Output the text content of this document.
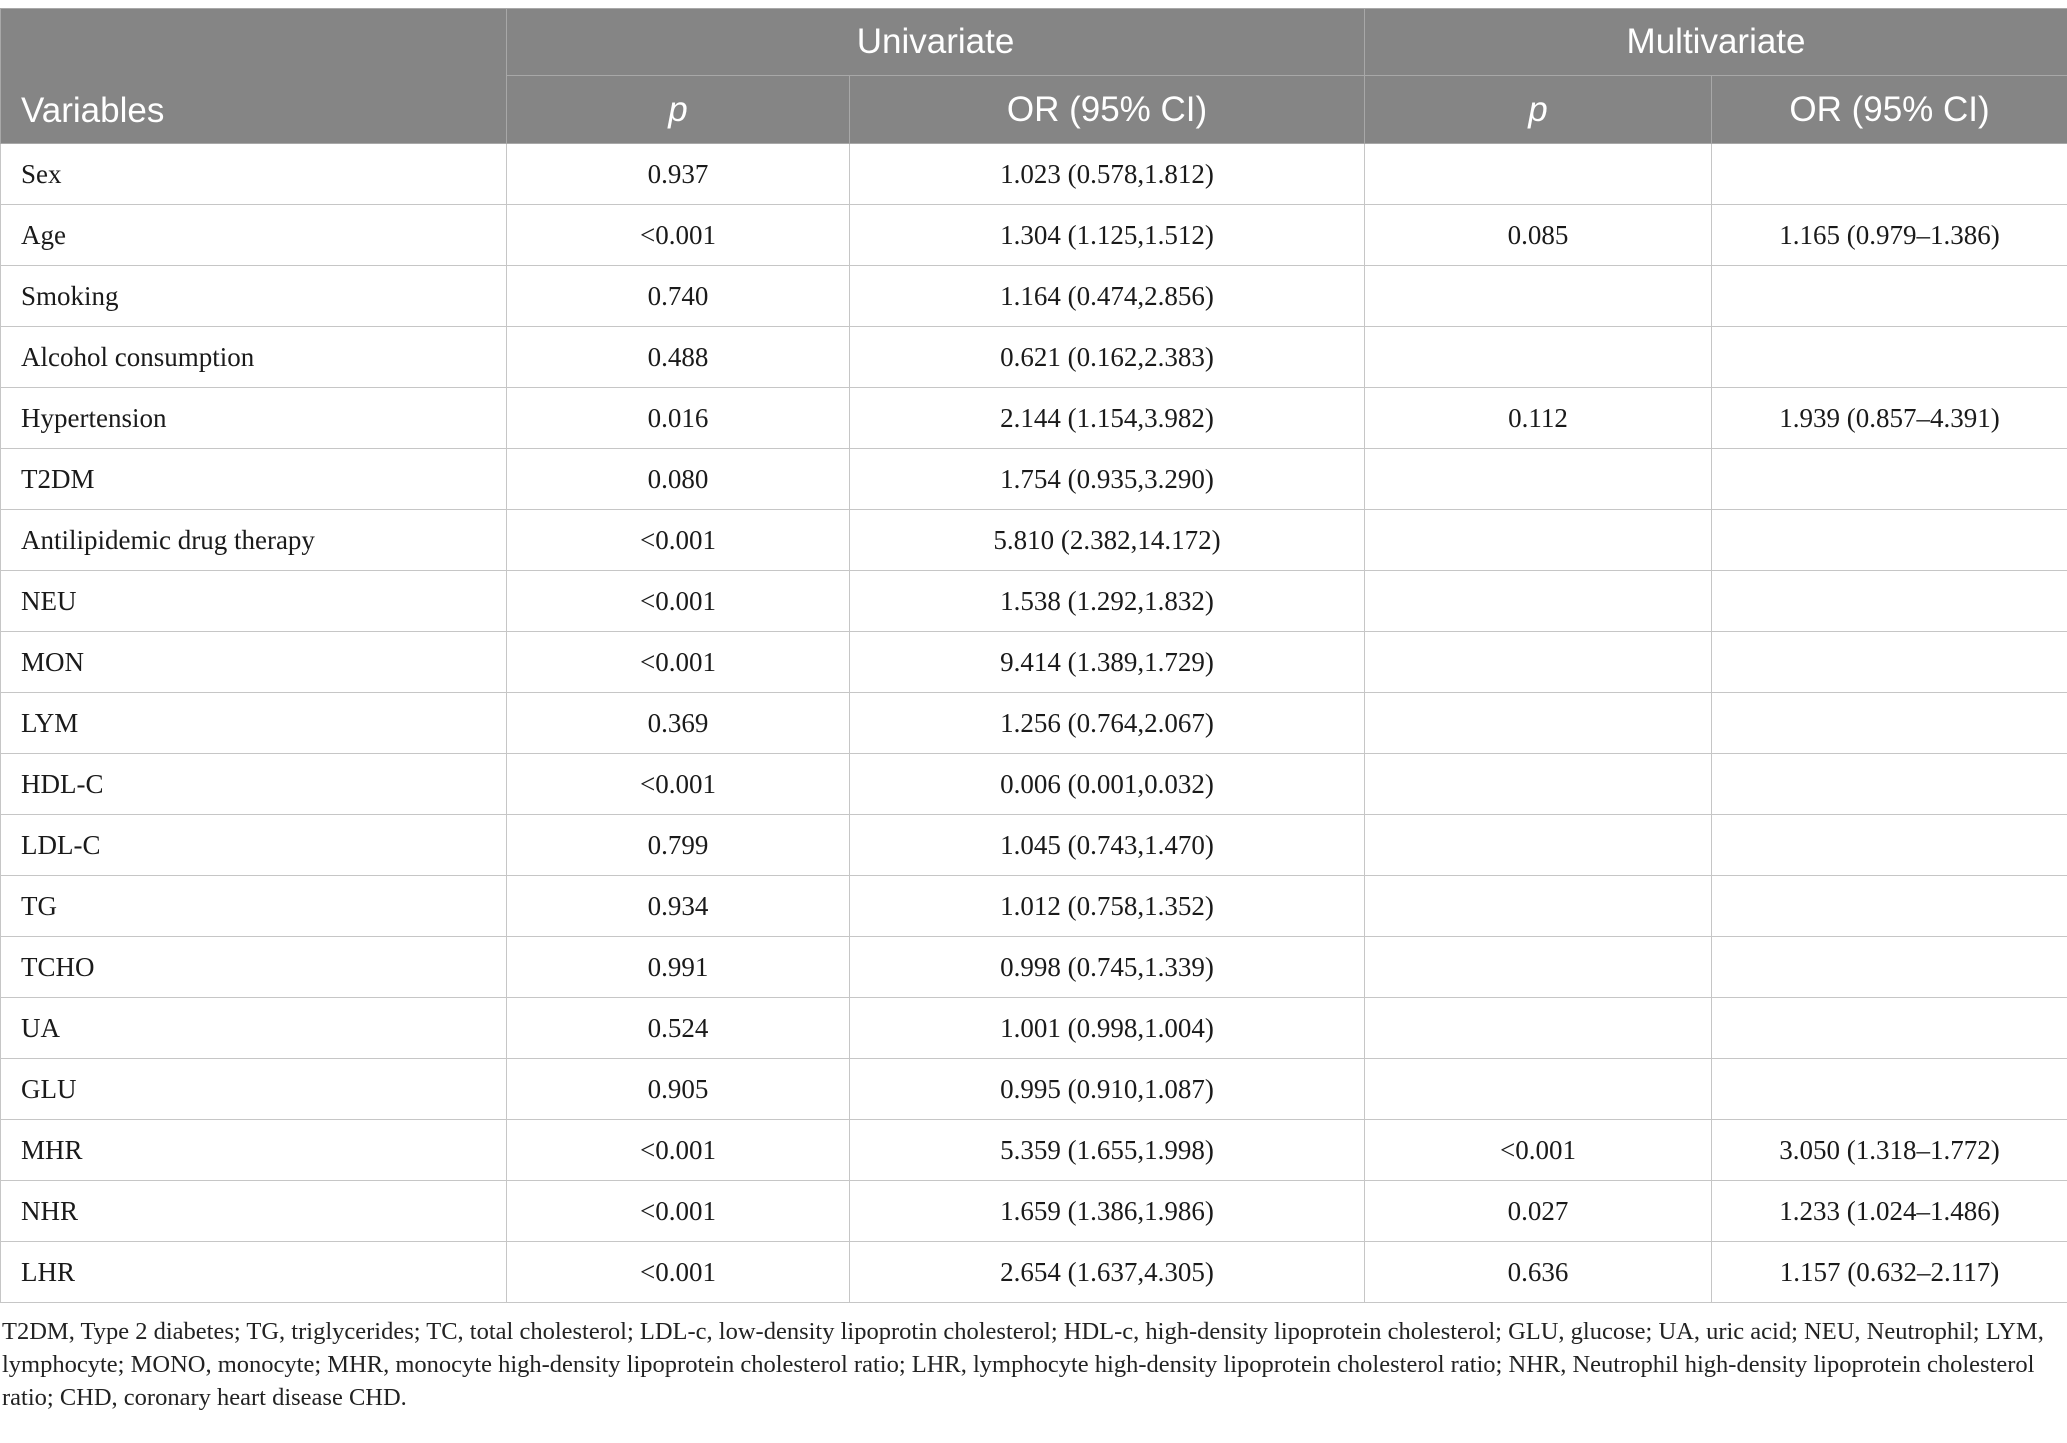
Variables	Univariate		Multivariate	
	p	OR (95% CI)	p	OR (95% CI)
Sex	0.937	1.023 (0.578,1.812)		
Age	<0.001	1.304 (1.125,1.512)	0.085	1.165 (0.979–1.386)
Smoking	0.740	1.164 (0.474,2.856)		
Alcohol consumption	0.488	0.621 (0.162,2.383)		
Hypertension	0.016	2.144 (1.154,3.982)	0.112	1.939 (0.857–4.391)
T2DM	0.080	1.754 (0.935,3.290)		
Antilipidemic drug therapy	<0.001	5.810 (2.382,14.172)		
NEU	<0.001	1.538 (1.292,1.832)		
MON	<0.001	9.414 (1.389,1.729)		
LYM	0.369	1.256 (0.764,2.067)		
HDL-C	<0.001	0.006 (0.001,0.032)		
LDL-C	0.799	1.045 (0.743,1.470)		
TG	0.934	1.012 (0.758,1.352)		
TCHO	0.991	0.998 (0.745,1.339)		
UA	0.524	1.001 (0.998,1.004)		
GLU	0.905	0.995 (0.910,1.087)		
MHR	<0.001	5.359 (1.655,1.998)	<0.001	3.050 (1.318–1.772)
NHR	<0.001	1.659 (1.386,1.986)	0.027	1.233 (1.024–1.486)
LHR	<0.001	2.654 (1.637,4.305)	0.636	1.157 (0.632–2.117)

T2DM, Type 2 diabetes; TG, triglycerides; TC, total cholesterol; LDL-c, low-density lipoprotin cholesterol; HDL-c, high-density lipoprotein cholesterol; GLU, glucose; UA, uric acid; NEU, Neutrophil; LYM, lymphocyte; MONO, monocyte; MHR, monocyte high-density lipoprotein cholesterol ratio; LHR, lymphocyte high-density lipoprotein cholesterol ratio; NHR, Neutrophil high-density lipoprotein cholesterol ratio; CHD, coronary heart disease CHD.
